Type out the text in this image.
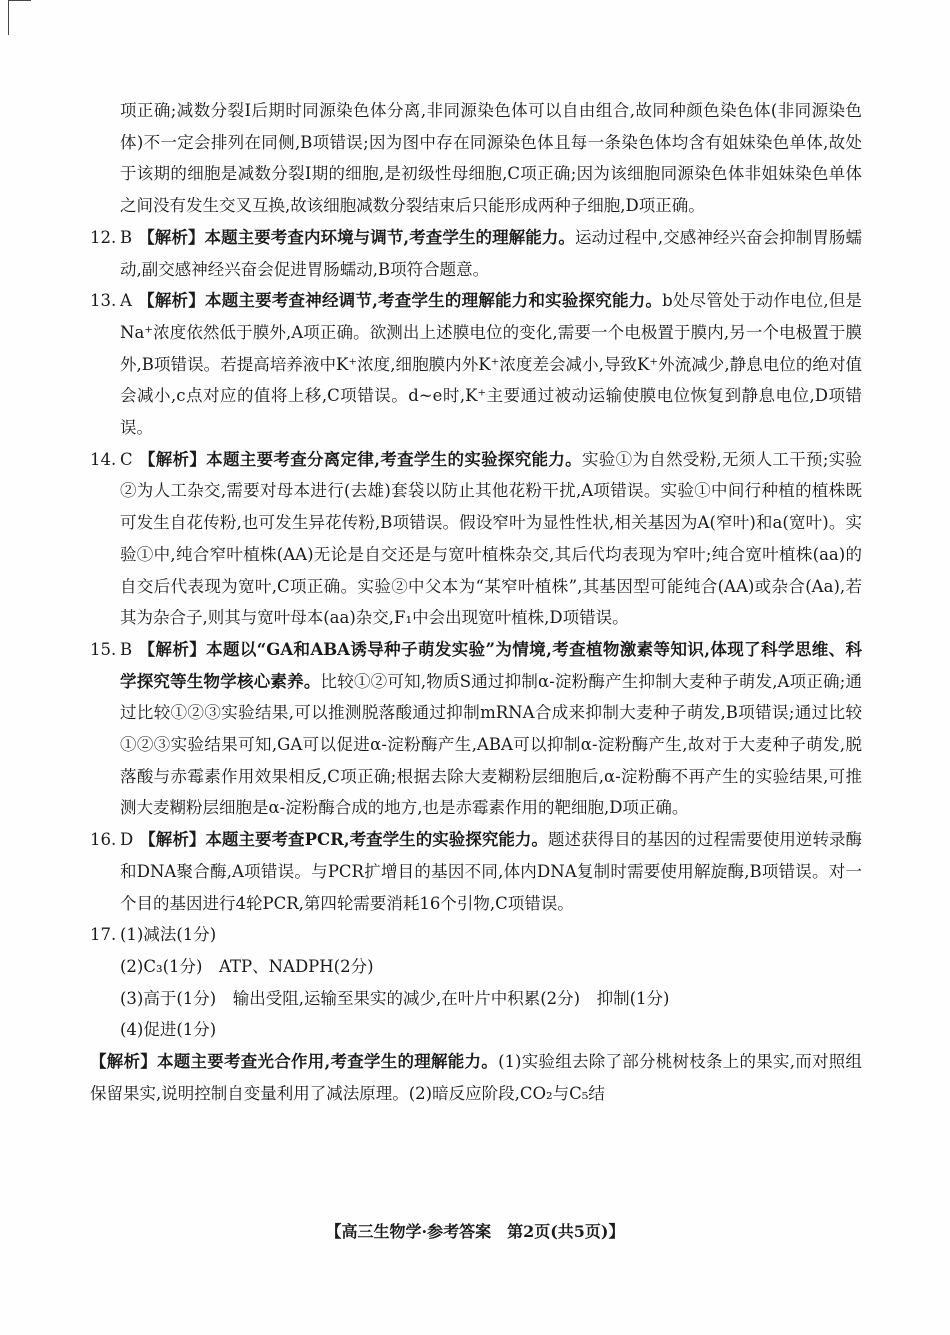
项正确;减数分裂Ⅰ后期时同源染色体分离,非同源染色体可以自由组合,故同种颜色染色体(非同源染色体)不一定会排列在同侧,B项错误;因为图中存在同源染色体且每一条染色体均含有姐妹染色单体,故处于该期的细胞是减数分裂Ⅰ期的细胞,是初级性母细胞,C项正确;因为该细胞同源染色体非姐妹染色单体之间没有发生交叉互换,故该细胞减数分裂结束后只能形成两种子细胞,D项正确。

12. B 【解析】本题主要考查内环境与调节,考查学生的理解能力。运动过程中,交感神经兴奋会抑制胃肠蠕动,副交感神经兴奋会促进胃肠蠕动,B项符合题意。
13. A 【解析】本题主要考查神经调节,考查学生的理解能力和实验探究能力。b处尽管处于动作电位,但是Na⁺浓度依然低于膜外,A项正确。欲测出上述膜电位的变化,需要一个电极置于膜内,另一个电极置于膜外,B项错误。若提高培养液中K⁺浓度,细胞膜内外K⁺浓度差会减小,导致K⁺外流减少,静息电位的绝对值会减小,c点对应的值将上移,C项错误。d~e时,K⁺主要通过被动运输使膜电位恢复到静息电位,D项错误。
14. C 【解析】本题主要考查分离定律,考查学生的实验探究能力。实验①为自然受粉,无须人工干预;实验②为人工杂交,需要对母本进行(去雄)套袋以防止其他花粉干扰,A项错误。实验①中间行种植的植株既可发生自花传粉,也可发生异花传粉,B项错误。假设窄叶为显性性状,相关基因为A(窄叶)和a(宽叶)。实验①中,纯合窄叶植株(AA)无论是自交还是与宽叶植株杂交,其后代均表现为窄叶;纯合宽叶植株(aa)的自交后代表现为宽叶,C项正确。实验②中父本为“某窄叶植株”,其基因型可能纯合(AA)或杂合(Aa),若其为杂合子,则其与宽叶母本(aa)杂交,F₁中会出现宽叶植株,D项错误。
15. B 【解析】本题以“GA和ABA诱导种子萌发实验”为情境,考查植物激素等知识,体现了科学思维、科学探究等生物学核心素养。比较①②可知,物质S通过抑制α-淀粉酶产生抑制大麦种子萌发,A项正确;通过比较①②③实验结果,可以推测脱落酸通过抑制mRNA合成来抑制大麦种子萌发,B项错误;通过比较①②③实验结果可知,GA可以促进α-淀粉酶产生,ABA可以抑制α-淀粉酶产生,故对于大麦种子萌发,脱落酸与赤霉素作用效果相反,C项正确;根据去除大麦糊粉层细胞后,α-淀粉酶不再产生的实验结果,可推测大麦糊粉层细胞是α-淀粉酶合成的地方,也是赤霉素作用的靶细胞,D项正确。
16. D 【解析】本题主要考查PCR,考查学生的实验探究能力。题述获得目的基因的过程需要使用逆转录酶和DNA聚合酶,A项错误。与PCR扩增目的基因不同,体内DNA复制时需要使用解旋酶,B项错误。对一个目的基因进行4轮PCR,第四轮需要消耗16个引物,C项错误。
17. (1)减法(1分)
(2)C₃(1分) ATP、NADPH(2分)
(3)高于(1分) 输出受阻,运输至果实的减少,在叶片中积累(2分) 抑制(1分)
(4)促进(1分)
【解析】本题主要考查光合作用,考查学生的理解能力。(1)实验组去除了部分桃树枝条上的果实,而对照组保留果实,说明控制自变量利用了减法原理。(2)暗反应阶段,CO₂与C₅结
【高三生物学·参考答案 第2页(共5页)】
